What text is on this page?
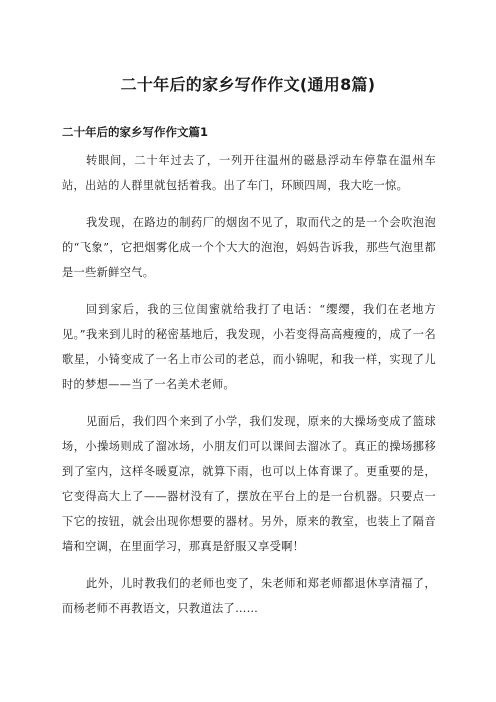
二十年后的家乡写作作文(通用8篇)
二十年后的家乡写作作文篇1

转眼间，二十年过去了，一列开往温州的磁悬浮动车停靠在温州车站，出站的人群里就包括着我。出了车门，环顾四周，我大吃一惊。

我发现，在路边的制药厂的烟囱不见了，取而代之的是一个会吹泡泡的“飞象”，它把烟雾化成一个个大大的泡泡，妈妈告诉我，那些气泡里都是一些新鲜空气。

回到家后，我的三位闺蜜就给我打了电话：“缨缨，我们在老地方见。”我来到儿时的秘密基地后，我发现，小若变得高高瘦瘦的，成了一名歌星，小锜变成了一名上市公司的老总，而小锦呢，和我一样，实现了儿时的梦想——当了一名美术老师。

见面后，我们四个来到了小学，我们发现，原来的大操场变成了篮球场，小操场则成了溜冰场，小朋友们可以课间去溜冰了。真正的操场挪移到了室内，这样冬暖夏凉，就算下雨，也可以上体育课了。更重要的是，它变得高大上了——器材没有了，摆放在平台上的是一台机器。只要点一下它的按钮，就会出现你想要的器材。另外，原来的教室，也装上了隔音墙和空调，在里面学习，那真是舒服又享受啊！

此外，儿时教我们的老师也变了，朱老师和郑老师都退休享清福了，而杨老师不再教语文，只教道法了……
